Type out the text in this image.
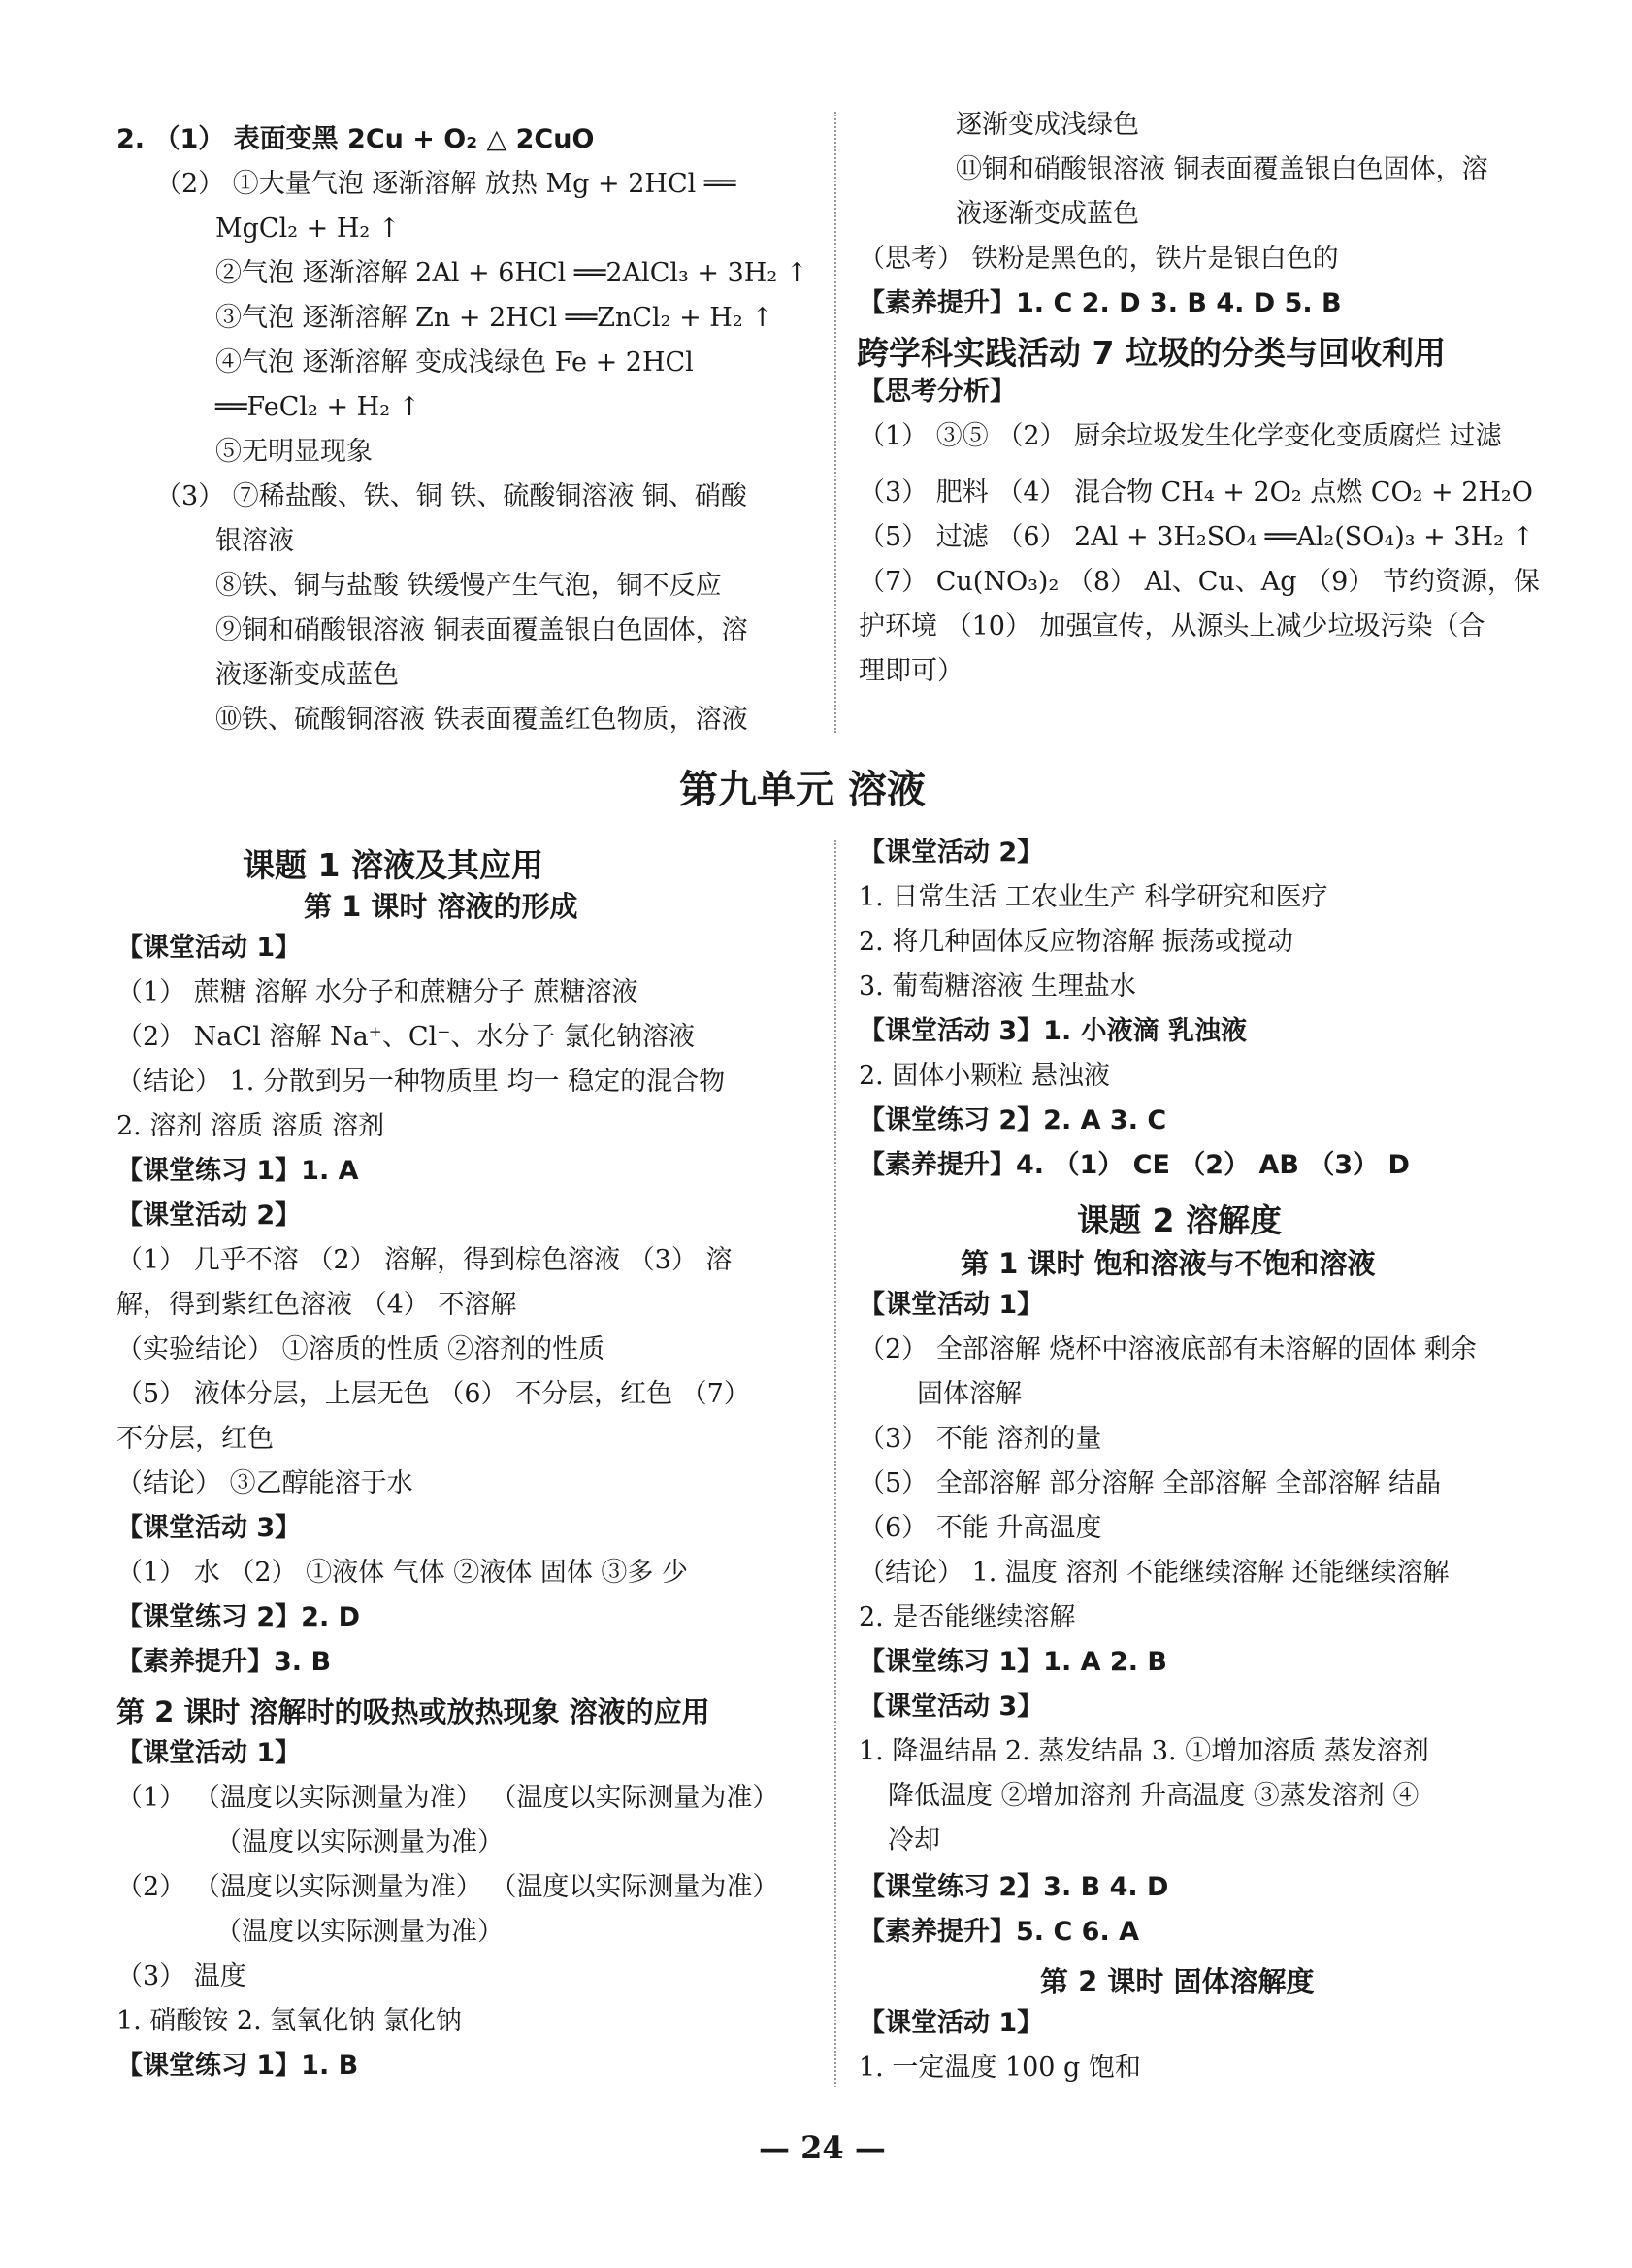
2. （1） 表面变黑 2Cu + O₂ △ 2CuO
（2） ①大量气泡 逐渐溶解 放热 Mg + 2HCl ══
MgCl₂ + H₂ ↑
②气泡 逐渐溶解 2Al + 6HCl ══2AlCl₃ + 3H₂ ↑
③气泡 逐渐溶解 Zn + 2HCl ══ZnCl₂ + H₂ ↑
④气泡 逐渐溶解 变成浅绿色 Fe + 2HCl
══FeCl₂ + H₂ ↑
⑤无明显现象
（3） ⑦稀盐酸、铁、铜 铁、硫酸铜溶液 铜、硝酸
银溶液
⑧铁、铜与盐酸 铁缓慢产生气泡，铜不反应
⑨铜和硝酸银溶液 铜表面覆盖银白色固体，溶
液逐渐变成蓝色
⑩铁、硫酸铜溶液 铁表面覆盖红色物质，溶液
逐渐变成浅绿色
⑪铜和硝酸银溶液 铜表面覆盖银白色固体，溶
液逐渐变成蓝色
（思考） 铁粉是黑色的，铁片是银白色的
【素养提升】1. C 2. D 3. B 4. D 5. B
跨学科实践活动 7 垃圾的分类与回收利用
【思考分析】
（1） ③⑤ （2） 厨余垃圾发生化学变化变质腐烂 过滤
（3） 肥料 （4） 混合物 CH₄ + 2O₂ 点燃 CO₂ + 2H₂O
（5） 过滤 （6） 2Al + 3H₂SO₄ ══Al₂(SO₄)₃ + 3H₂ ↑
（7） Cu(NO₃)₂ （8） Al、Cu、Ag （9） 节约资源，保
护环境 （10） 加强宣传，从源头上减少垃圾污染（合
理即可）
第九单元 溶液
课题 1 溶液及其应用
第 1 课时 溶液的形成
【课堂活动 1】
（1） 蔗糖 溶解 水分子和蔗糖分子 蔗糖溶液
（2） NaCl 溶解 Na⁺、Cl⁻、水分子 氯化钠溶液
（结论） 1. 分散到另一种物质里 均一 稳定的混合物
2. 溶剂 溶质 溶质 溶剂
【课堂练习 1】1. A
【课堂活动 2】
（1） 几乎不溶 （2） 溶解，得到棕色溶液 （3） 溶
解，得到紫红色溶液 （4） 不溶解
（实验结论） ①溶质的性质 ②溶剂的性质
（5） 液体分层，上层无色 （6） 不分层，红色 （7）
不分层，红色
（结论） ③乙醇能溶于水
【课堂活动 3】
（1） 水 （2） ①液体 气体 ②液体 固体 ③多 少
【课堂练习 2】2. D
【素养提升】3. B
第 2 课时 溶解时的吸热或放热现象 溶液的应用
【课堂活动 1】
（1） （温度以实际测量为准） （温度以实际测量为准）
（温度以实际测量为准）
（2） （温度以实际测量为准） （温度以实际测量为准）
（温度以实际测量为准）
（3） 温度
1. 硝酸铵 2. 氢氧化钠 氯化钠
【课堂练习 1】1. B
【课堂活动 2】
1. 日常生活 工农业生产 科学研究和医疗
2. 将几种固体反应物溶解 振荡或搅动
3. 葡萄糖溶液 生理盐水
【课堂活动 3】1. 小液滴 乳浊液
2. 固体小颗粒 悬浊液
【课堂练习 2】2. A 3. C
【素养提升】4. （1） CE （2） AB （3） D
课题 2 溶解度
第 1 课时 饱和溶液与不饱和溶液
【课堂活动 1】
（2） 全部溶解 烧杯中溶液底部有未溶解的固体 剩余
固体溶解
（3） 不能 溶剂的量
（5） 全部溶解 部分溶解 全部溶解 全部溶解 结晶
（6） 不能 升高温度
（结论） 1. 温度 溶剂 不能继续溶解 还能继续溶解
2. 是否能继续溶解
【课堂练习 1】1. A 2. B
【课堂活动 3】
1. 降温结晶 2. 蒸发结晶 3. ①增加溶质 蒸发溶剂
降低温度 ②增加溶剂 升高温度 ③蒸发溶剂 ④
冷却
【课堂练习 2】3. B 4. D
【素养提升】5. C 6. A
第 2 课时 固体溶解度
【课堂活动 1】
1. 一定温度 100 g 饱和
— 24 —
